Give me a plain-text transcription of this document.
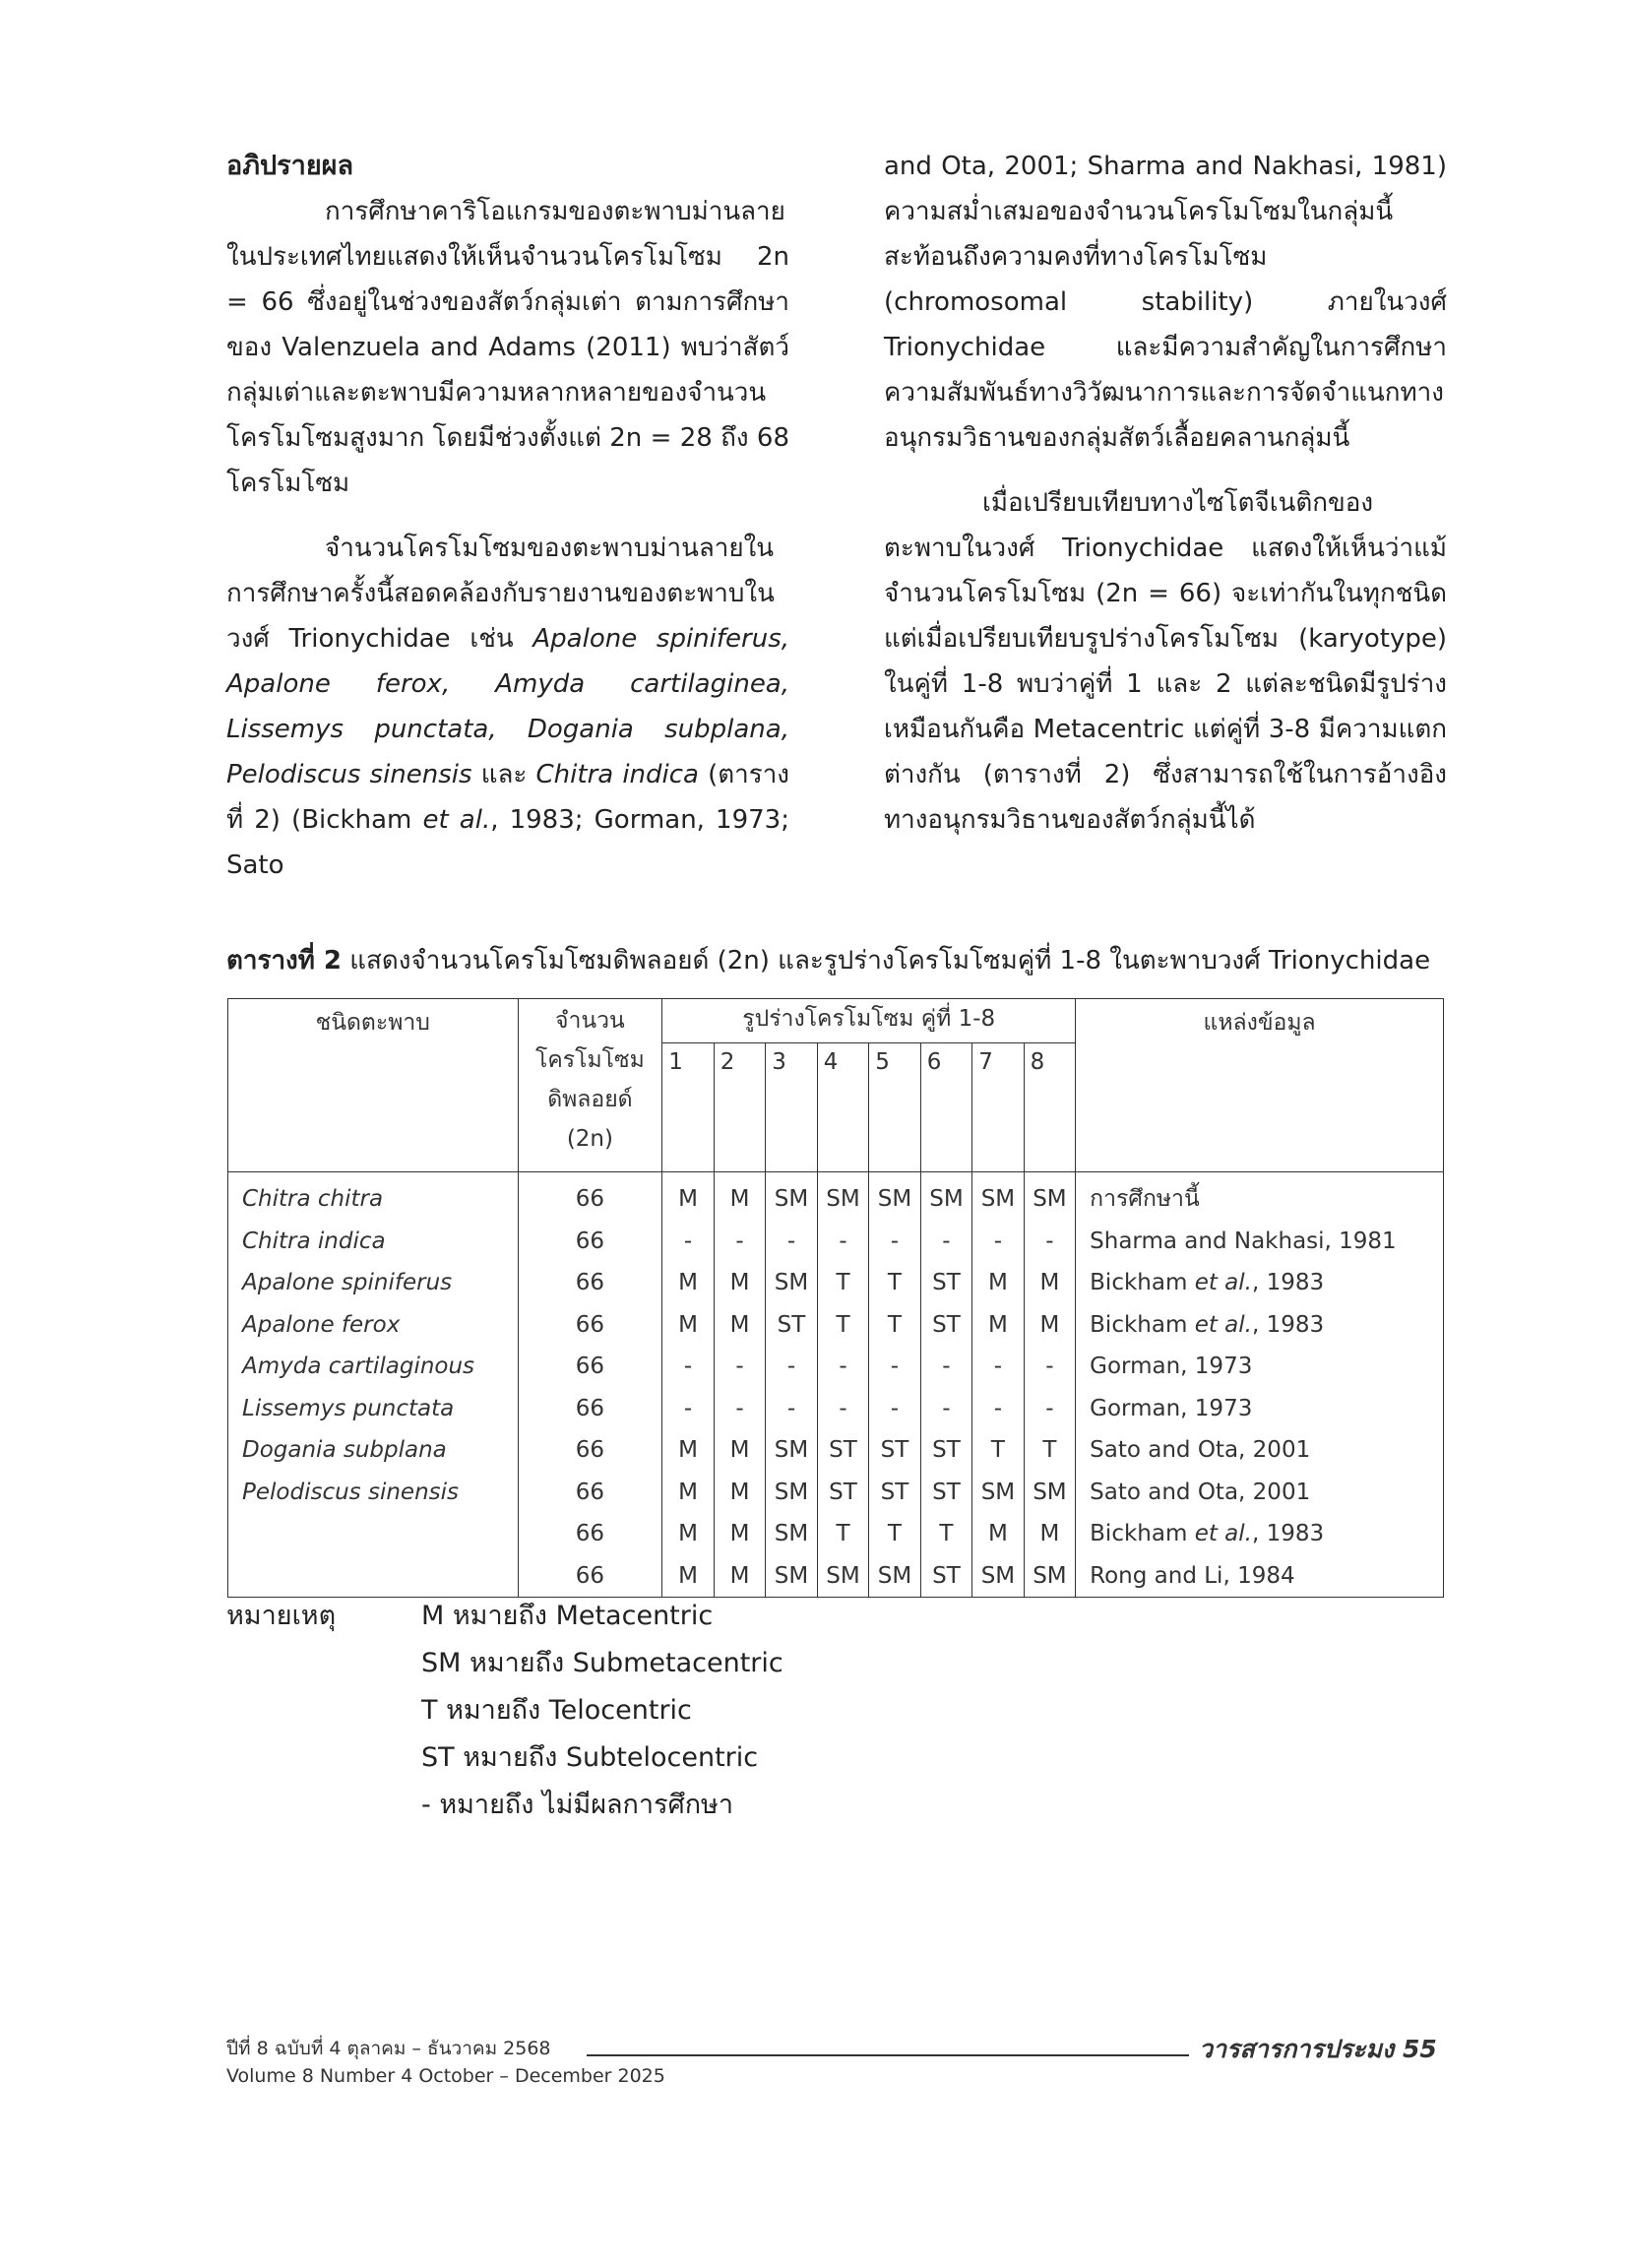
อภิปรายผล

การศึกษาคาริโอแกรมของตะพาบม่านลายในประเทศไทยแสดงให้เห็นจำนวนโครโมโซม 2n = 66 ซึ่งอยู่ในช่วงของสัตว์กลุ่มเต่า ตามการศึกษาของ Valenzuela and Adams (2011) พบว่าสัตว์กลุ่มเต่าและตะพาบมีความหลากหลายของจำนวนโครโมโซมสูงมาก โดยมีช่วงตั้งแต่ 2n = 28 ถึง 68 โครโมโซม

จำนวนโครโมโซมของตะพาบม่านลายในการศึกษาครั้งนี้สอดคล้องกับรายงานของตะพาบในวงศ์ Trionychidae เช่น Apalone spiniferus, Apalone ferox, Amyda cartilaginea, Lissemys punctata, Dogania subplana, Pelodiscus sinensis และ Chitra indica (ตารางที่ 2) (Bickham et al., 1983; Gorman, 1973; Sato

and Ota, 2001; Sharma and Nakhasi, 1981) ความสม่ำเสมอของจำนวนโครโมโซมในกลุ่มนี้สะท้อนถึงความคงที่ทางโครโมโซม (chromosomal stability) ภายในวงศ์ Trionychidae และมีความสำคัญในการศึกษาความสัมพันธ์ทางวิวัฒนาการและการจัดจำแนกทางอนุกรมวิธานของกลุ่มสัตว์เลื้อยคลานกลุ่มนี้

เมื่อเปรียบเทียบทางไซโตจีเนติกของตะพาบในวงศ์ Trionychidae แสดงให้เห็นว่าแม้จำนวนโครโมโซม (2n = 66) จะเท่ากันในทุกชนิด แต่เมื่อเปรียบเทียบรูปร่างโครโมโซม (karyotype) ในคู่ที่ 1-8 พบว่าคู่ที่ 1 และ 2 แต่ละชนิดมีรูปร่างเหมือนกันคือ Metacentric แต่คู่ที่ 3-8 มีความแตกต่างกัน (ตารางที่ 2) ซึ่งสามารถใช้ในการอ้างอิงทางอนุกรมวิธานของสัตว์กลุ่มนี้ได้

ตารางที่ 2 แสดงจำนวนโครโมโซมดิพลอยด์ (2n) และรูปร่างโครโมโซมคู่ที่ 1-8 ในตะพาบวงศ์ Trionychidae
ชนิดตะพาบ	จำนวน
โครโมโซม
ดิพลอยด์
(2n)	รูปร่างโครโมโซม คู่ที่ 1-8								แหล่งข้อมูล
		1	2	3	4	5	6	7	8	
Chitra chitra	66	M	M	SM	SM	SM	SM	SM	SM	การศึกษานี้
Chitra indica	66	-	-	-	-	-	-	-	-	Sharma and Nakhasi, 1981
Apalone spiniferus	66	M	M	SM	T	T	ST	M	M	Bickham et al., 1983
Apalone ferox	66	M	M	ST	T	T	ST	M	M	Bickham et al., 1983
Amyda cartilaginous	66	-	-	-	-	-	-	-	-	Gorman, 1973
Lissemys punctata	66	-	-	-	-	-	-	-	-	Gorman, 1973
Dogania subplana	66	M	M	SM	ST	ST	ST	T	T	Sato and Ota, 2001
Pelodiscus sinensis	66	M	M	SM	ST	ST	ST	SM	SM	Sato and Ota, 2001
	66	M	M	SM	T	T	T	M	M	Bickham et al., 1983
	66	M	M	SM	SM	SM	ST	SM	SM	Rong and Li, 1984
หมายเหตุ	M หมายถึง Metacentric
SM หมายถึง Submetacentric
T หมายถึง Telocentric
ST หมายถึง Subtelocentric
- หมายถึง ไม่มีผลการศึกษา
ปีที่ 8 ฉบับที่ 4 ตุลาคม – ธันวาคม 2568	วารสารการประมง 55
Volume 8 Number 4 October – December 2025
